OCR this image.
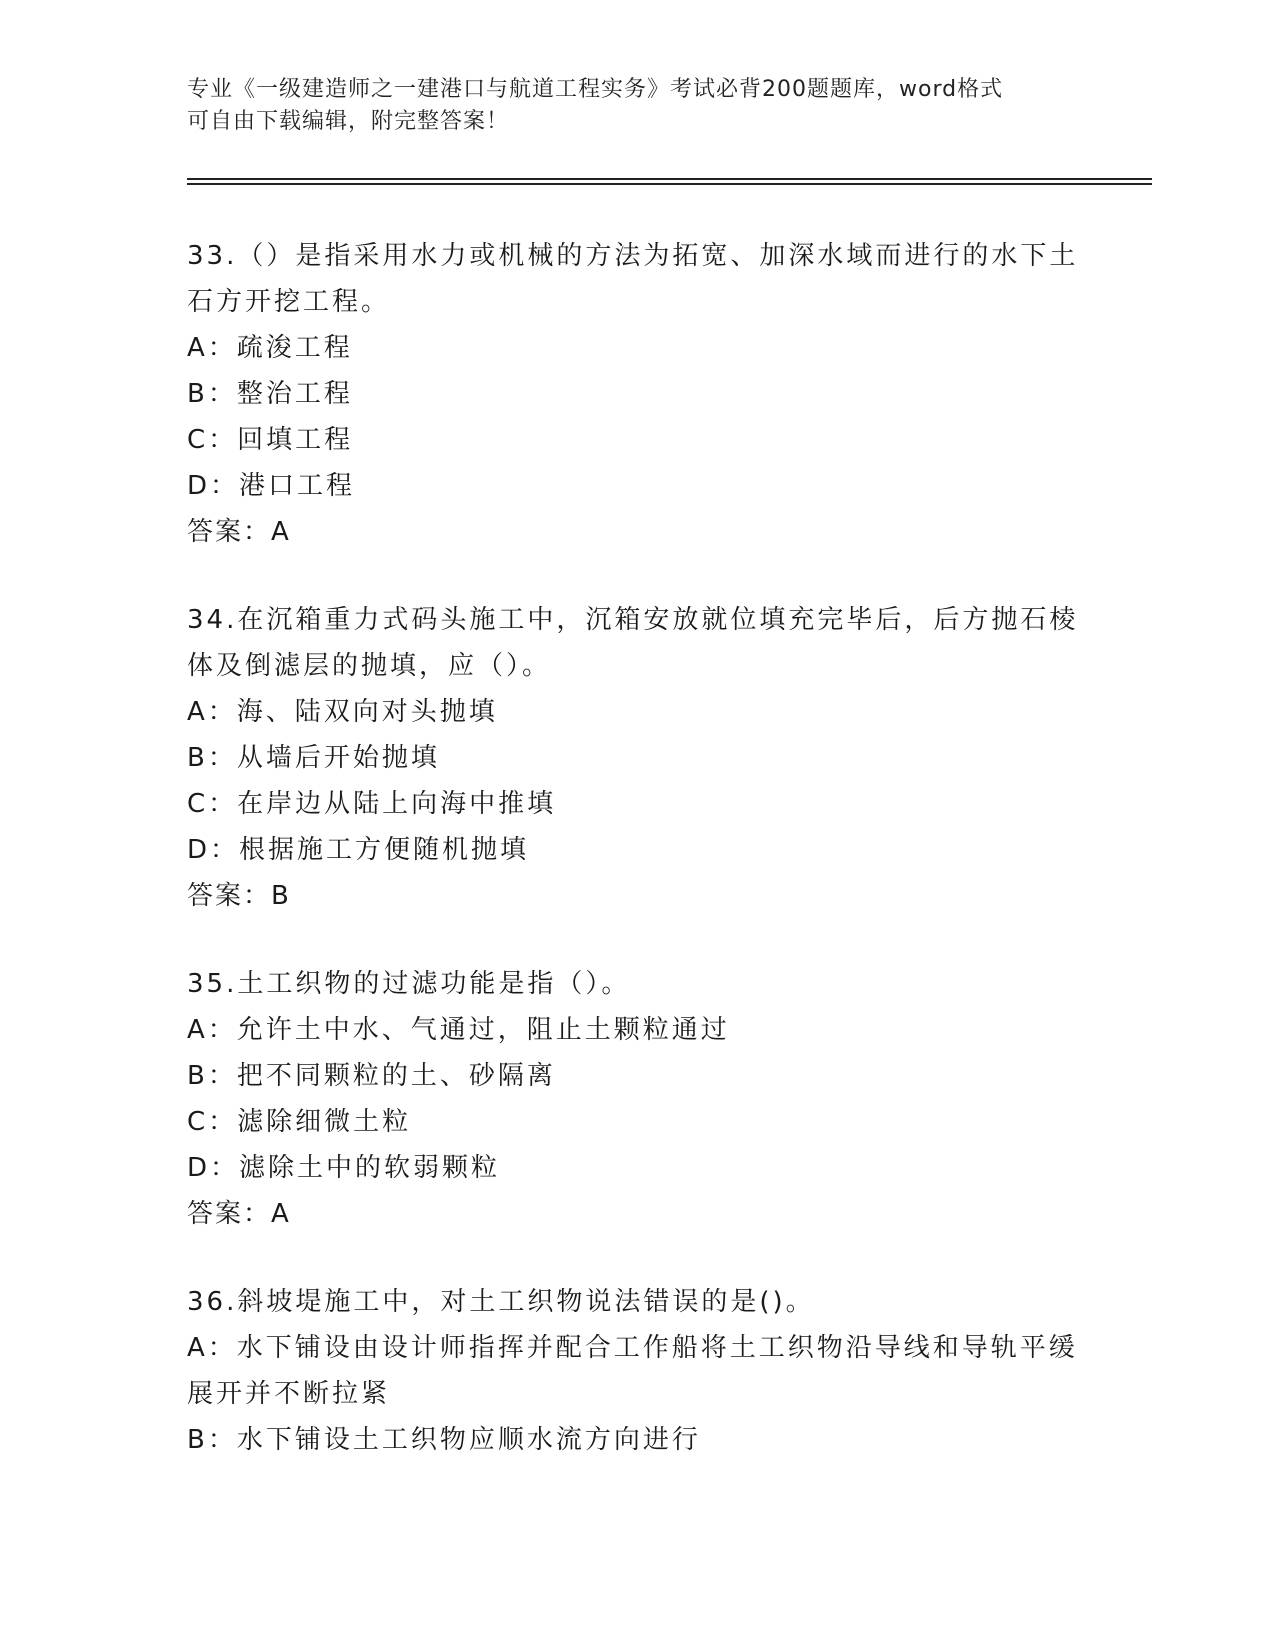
专业《一级建造师之一建港口与航道工程实务》考试必背200题题库，word格式
可自由下载编辑，附完整答案！
33.（）是指采用水力或机械的方法为拓宽、加深水域而进行的水下土
石方开挖工程。
A：疏浚工程
B：整治工程
C：回填工程
D：港口工程
答案：A
34.在沉箱重力式码头施工中，沉箱安放就位填充完毕后，后方抛石棱
体及倒滤层的抛填，应（）。
A：海、陆双向对头抛填
B：从墙后开始抛填
C：在岸边从陆上向海中推填
D：根据施工方便随机抛填
答案：B
35.土工织物的过滤功能是指（）。
A：允许土中水、气通过，阻止土颗粒通过
B：把不同颗粒的土、砂隔离
C：滤除细微土粒
D：滤除土中的软弱颗粒
答案：A
36.斜坡堤施工中，对土工织物说法错误的是()。
A：水下铺设由设计师指挥并配合工作船将土工织物沿导线和导轨平缓
展开并不断拉紧
B：水下铺设土工织物应顺水流方向进行
